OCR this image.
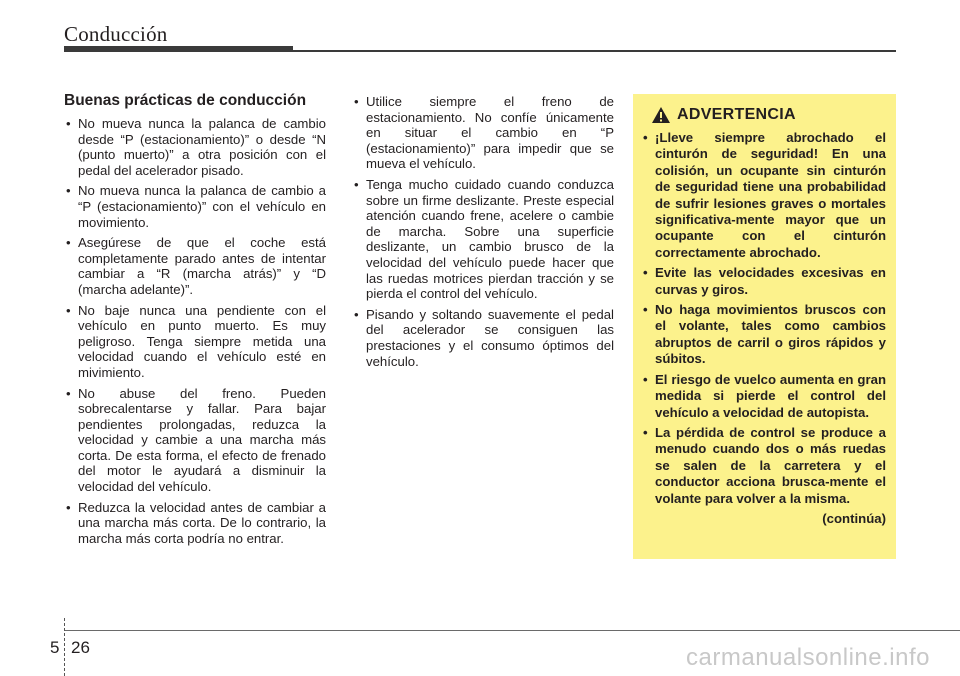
Conducción
Buenas prácticas de conducción
• No mueva nunca la palanca de cambio desde “P (estacionamiento)” o desde “N (punto muerto)” a otra posición con el pedal del acelerador pisado.
• No mueva nunca la palanca de cambio a “P (estacionamiento)” con el vehículo en movimiento.
• Asegúrese de que el coche está completamente parado antes de intentar cambiar a “R (marcha atrás)” y “D (marcha adelante)”.
• No baje nunca una pendiente con el vehículo en punto muerto. Es muy peligroso. Tenga siempre metida una velocidad cuando el vehículo esté en mivimiento.
• No abuse del freno. Pueden sobrecalentarse y fallar. Para bajar pendientes prolongadas, reduzca la velocidad y cambie a una marcha más corta. De esta forma, el efecto de frenado del motor le ayudará a disminuir la velocidad del vehículo.
• Reduzca la velocidad antes de cambiar a una marcha más corta. De lo contrario, la marcha más corta podría no entrar.
• Utilice siempre el freno de estacionamiento. No confíe únicamente en situar el cambio en “P (estacionamiento)” para impedir que se mueva el vehículo.
• Tenga mucho cuidado cuando conduzca sobre un firme deslizante. Preste especial atención cuando frene, acelere o cambie de marcha. Sobre una superficie deslizante, un cambio brusco de la velocidad del vehículo puede hacer que las ruedas motrices pierdan tracción y se pierda el control del vehículo.
• Pisando y soltando suavemente el pedal del acelerador se consiguen las prestaciones y el consumo óptimos del vehículo.
ADVERTENCIA
• ¡Lleve siempre abrochado el cinturón de seguridad! En una colisión, un ocupante sin cinturón de seguridad tiene una probabilidad de sufrir lesiones graves o mortales significativa-mente mayor que un ocupante con el cinturón correctamente abrochado.
• Evite las velocidades excesivas en curvas y giros.
• No haga movimientos bruscos con el volante, tales como cambios abruptos de carril o giros rápidos y súbitos.
• El riesgo de vuelco aumenta en gran medida si pierde el control del vehículo a velocidad de autopista.
• La pérdida de control se produce a menudo cuando dos o más ruedas se salen de la carretera y el conductor acciona brusca-mente el volante para volver a la misma.
(continúa)
5 26	carmanualsonline.info
